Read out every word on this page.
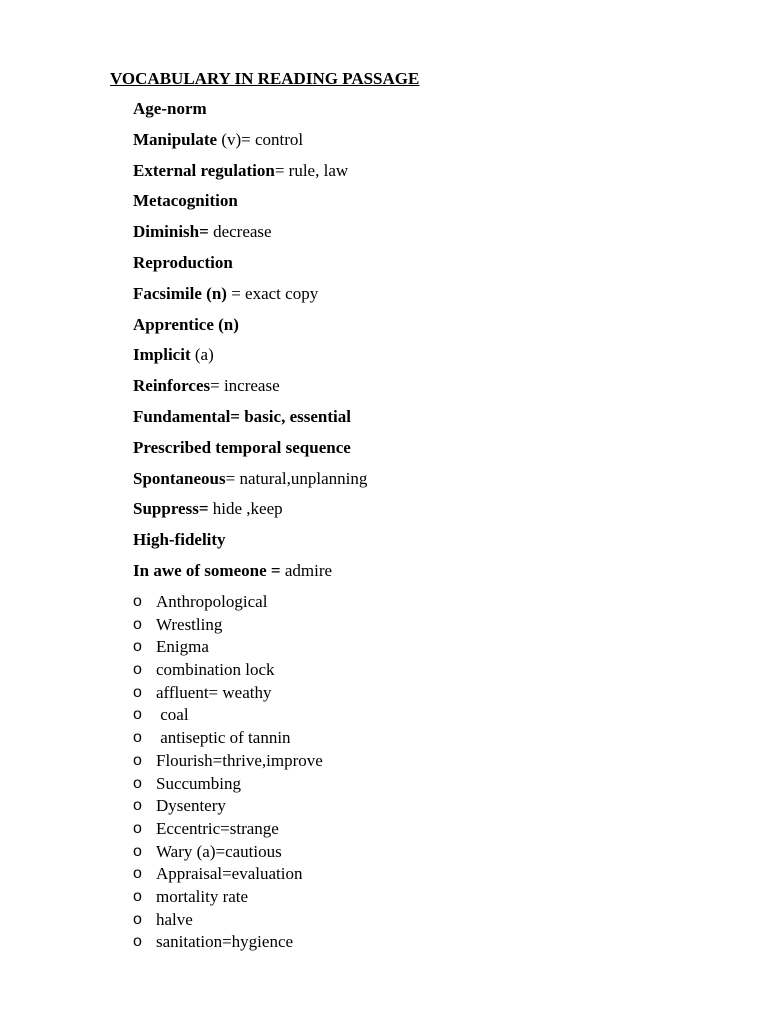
VOCABULARY IN READING PASSAGE
Age-norm
Manipulate (v)= control
External regulation= rule, law
Metacognition
Diminish= decrease
Reproduction
Facsimile (n) = exact copy
Apprentice (n)
Implicit (a)
Reinforces= increase
Fundamental= basic, essential
Prescribed temporal sequence
Spontaneous= natural,unplanning
Suppress= hide ,keep
High-fidelity
In awe of someone = admire
o Anthropological
o Wrestling
o Enigma
o combination lock
o affluent= weathy
o coal
o antiseptic of tannin
o Flourish=thrive,improve
o Succumbing
o Dysentery
o Eccentric=strange
o Wary (a)=cautious
o Appraisal=evaluation
o mortality rate
o halve
o sanitation=hygience
